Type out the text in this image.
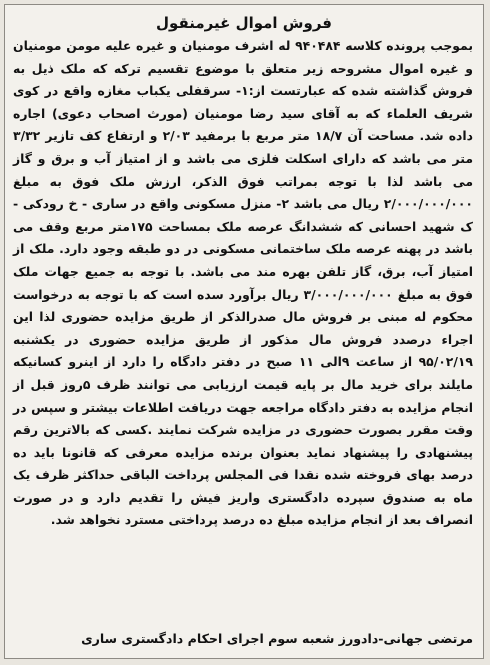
فروش اموال غیرمنقول

بموجب پرونده کلاسه ۹۴۰۴۸۴ له اشرف مومنیان و غیره علیه مومن مومنیان و غیره اموال مشروحه زیر متعلق با موضوع تقسیم ترکه که ملک ذیل به فروش گذاشته شده که عبارتست از:۱- سرقفلی یکباب مغازه واقع در کوی شریف العلماء که به آقای سید رضا مومنیان (مورث اصحاب دعوی) اجاره داده شد. مساحت آن ۱۸/۷ متر مربع با برمفید ۲/۰۳ و ارتفاع کف تازیر ۳/۳۲ متر می باشد که دارای اسکلت فلزی می باشد و از امتیاز آب و برق و گاز می باشد لذا با توجه بمراتب فوق الذکر، ارزش ملک فوق به مبلغ ۲/۰۰۰/۰۰۰/۰۰۰ ریال می باشد ۲- منزل مسکونی واقع در ساری - خ رودکی - ک شهید احسانی که ششدانگ عرصه ملک بمساحت ۱۷۵متر مربع وقف می باشد در پهنه عرصه ملک ساختمانی مسکونی در دو طبقه وجود دارد. ملک از امتیاز آب، برق، گاز تلفن بهره مند می باشد. با توجه به جمیع جهات ملک فوق به مبلغ ۳/۰۰۰/۰۰۰/۰۰۰ ریال برآورد سده است که با توجه به درخواست محکوم له مبنی بر فروش مال صدرالذکر از طریق مزایده حضوری لذا این اجراء درصدد فروش مال مذکور از طریق مزایده حضوری در یکشنبه ۹۵/۰۲/۱۹ از ساعت ۹الی ۱۱ صبح در دفتر دادگاه را دارد از اینرو کسانیکه مایلند برای خرید مال بر پایه قیمت ارزیابی می توانند ظرف ۵روز قبل از انجام مزایده به دفتر دادگاه مراجعه جهت دریافت اطلاعات بیشتر و سپس در وقت مقرر بصورت حضوری در مزایده شرکت نمایند .کسی که بالاترین رقم پیشنهادی را پیشنهاد نماید بعنوان برنده مزایده معرفی که قانونا باید ده درصد بهای فروخته شده نقدا فی المجلس پرداخت الباقی حداکثر ظرف یک ماه به صندوق سپرده دادگستری واریز فیش را تقدیم دارد و در صورت انصراف بعد از انجام مزایده مبلغ ده درصد پرداختی مسترد نخواهد شد.

مرتضی جهانی-دادورز شعبه سوم اجرای احکام دادگستری ساری
